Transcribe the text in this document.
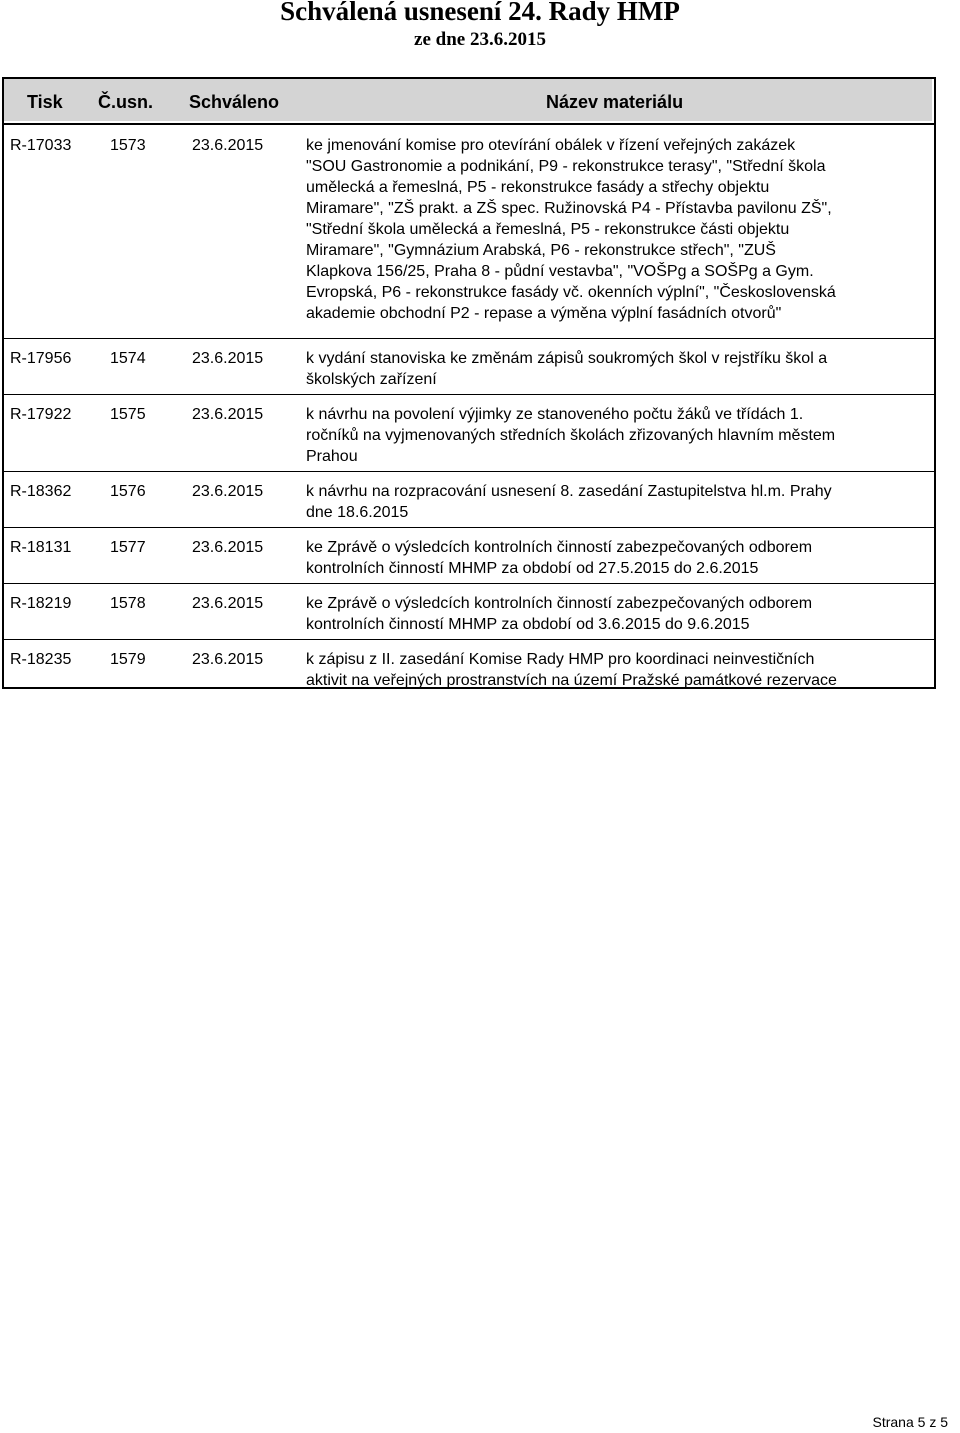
Schválená usnesení 24. Rady HMP
ze dne 23.6.2015
Tisk Č.usn. Schváleno	Název materiálu
R-17033 1573	23.6.2015	ke jmenování komise pro otevírání obálek v řízení veřejných zakázek
"SOU Gastronomie a podnikání, P9 - rekonstrukce terasy", "Střední škola
umělecká a řemeslná, P5 - rekonstrukce fasády a střechy objektu
Miramare", "ZŠ prakt. a ZŠ spec. Ružinovská P4 - Přístavba pavilonu ZŠ",
"Střední škola umělecká a řemeslná, P5 - rekonstrukce části objektu
Miramare", "Gymnázium Arabská, P6 - rekonstrukce střech", "ZUŠ
Klapkova 156/25, Praha 8 - půdní vestavba", "VOŠPg a SOŠPg a Gym.
Evropská, P6 - rekonstrukce fasády vč. okenních výplní", "Československá
akademie obchodní P2 - repase a výměna výplní fasádních otvorů"
R-17956 1574	23.6.2015	k vydání stanoviska ke změnám zápisů soukromých škol v rejstříku škol a
školských zařízení
R-17922 1575	23.6.2015	k návrhu na povolení výjimky ze stanoveného počtu žáků ve třídách 1.
ročníků na vyjmenovaných středních školách zřizovaných hlavním městem
Prahou
R-18362 1576	23.6.2015	k návrhu na rozpracování usnesení 8. zasedání Zastupitelstva hl.m. Prahy
dne 18.6.2015
R-18131 1577	23.6.2015	ke Zprávě o výsledcích kontrolních činností zabezpečovaných odborem
kontrolních činností MHMP za období od 27.5.2015 do 2.6.2015
R-18219 1578	23.6.2015	ke Zprávě o výsledcích kontrolních činností zabezpečovaných odborem
kontrolních činností MHMP za období od 3.6.2015 do 9.6.2015
R-18235 1579	23.6.2015	k zápisu z II. zasedání Komise Rady HMP pro koordinaci neinvestičních
aktivit na veřejných prostranstvích na území Pražské památkové rezervace
Strana 5 z 5
